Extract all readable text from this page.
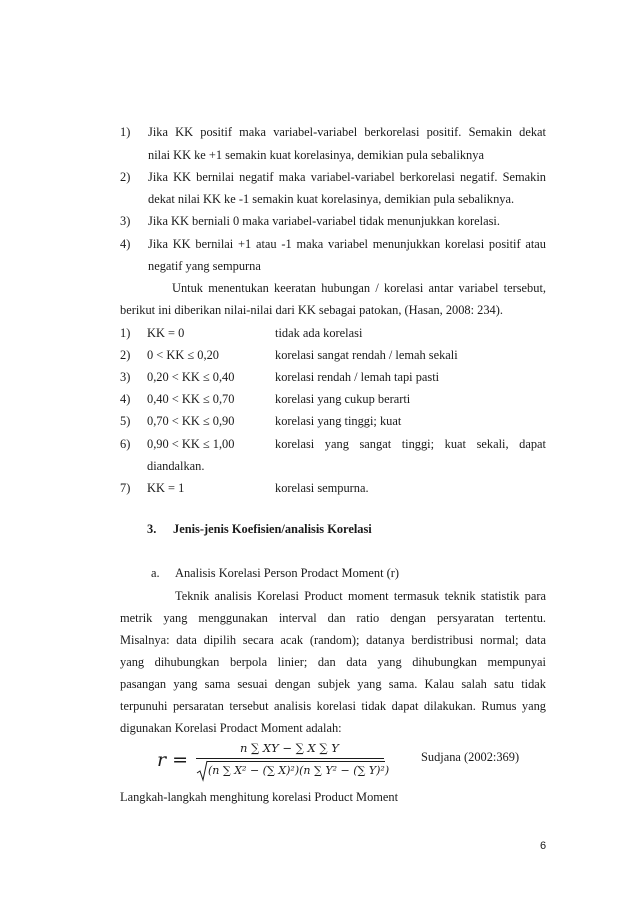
1) Jika KK positif maka variabel-variabel berkorelasi positif. Semakin dekat
nilai KK ke +1 semakin kuat korelasinya, demikian pula sebaliknya
2) Jika KK bernilai negatif maka variabel-variabel berkorelasi negatif. Semakin
dekat nilai KK ke -1 semakin kuat korelasinya, demikian pula sebaliknya.
3) Jika KK berniali 0 maka variabel-variabel tidak menunjukkan korelasi.
4) Jika KK bernilai +1 atau -1 maka variabel menunjukkan korelasi positif atau
negatif yang sempurna
Untuk menentukan keeratan hubungan / korelasi antar variabel tersebut,
berikut ini diberikan nilai-nilai dari KK sebagai patokan, (Hasan, 2008: 234).
1) KK = 0	tidak ada korelasi
2) 0 < KK ≤ 0,20	korelasi sangat rendah / lemah sekali
3) 0,20 < KK ≤ 0,40	korelasi rendah / lemah tapi pasti
4) 0,40 < KK ≤ 0,70	korelasi yang cukup berarti
5) 0,70 < KK ≤ 0,90	korelasi yang tinggi; kuat
6) 0,90 < KK ≤ 1,00	korelasi yang sangat tinggi; kuat sekali, dapat
diandalkan.
7) KK = 1	korelasi sempurna.
3. Jenis-jenis Koefisien/analisis Korelasi
a. Analisis Korelasi Person Prodact Moment (r)
Teknik analisis Korelasi Product moment termasuk teknik statistik para
metrik yang menggunakan interval dan ratio dengan persyaratan tertentu.
Misalnya: data dipilih secara acak (random); datanya berdistribusi normal; data
yang dihubungkan berpola linier; dan data yang dihubungkan mempunyai
pasangan yang sama sesuai dengan subjek yang sama. Kalau salah satu tidak
terpunuhi persaratan tersebut analisis korelasi tidak dapat dilakukan. Rumus yang
digunakan Korelasi Prodact Moment adalah:
r =
n ∑ XY − ∑ X ∑ Y
(n ∑ X² − (∑ X)²)(n ∑ Y² − (∑ Y)²)
Sudjana (2002:369)
Langkah-langkah menghitung korelasi Product Moment
6
